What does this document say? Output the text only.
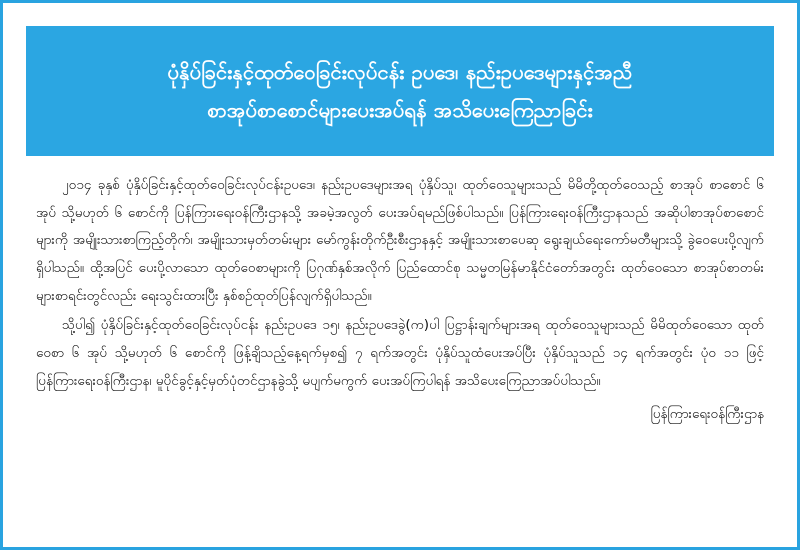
ပုံနှိပ်ခြင်းနှင့်ထုတ်ဝေခြင်းလုပ်ငန်း ဥပဒေ၊ နည်းဥပဒေများနှင့်အညီ
စာအုပ်စာစောင်များပေးအပ်ရန် အသိပေးကြေညာခြင်း

၂၀၁၄ ခုနှစ် ပုံနှိပ်ခြင်းနှင့်ထုတ်ဝေခြင်းလုပ်ငန်းဥပဒေ၊ နည်းဥပဒေများအရ ပုံနှိပ်သူ၊ ထုတ်ဝေသူများသည် မိမိတို့ထုတ်ဝေသည့် စာအုပ် စာစောင် ၆ အုပ် သို့မဟုတ် ၆ စောင်ကို ပြန်ကြားရေးဝန်ကြီးဌာနသို့ အခမဲ့အလွတ် ပေးအပ်ရမည်ဖြစ်ပါသည်။ ပြန်ကြားရေးဝန်ကြီးဌာနသည် အဆိုပါစာအုပ်စာစောင်များကို အမျိုးသားစာကြည့်တိုက်၊ အမျိုးသားမှတ်တမ်းများ မော်ကွန်းတိုက်ဦးစီးဌာနနှင့် အမျိုးသားစာပေဆု ရွေးချယ်ရေးကော်မတီများသို့ ခွဲဝေပေးပို့လျက်ရှိပါသည်။ ထို့အပြင် ပေးပို့လာသော ထုတ်ဝေစာများကို ပြဂုဏ်နှစ်အလိုက် ပြည်ထောင်စု သမ္မတမြန်မာနိုင်ငံတော်အတွင်း ထုတ်ဝေသော စာအုပ်စာတမ်းများစာရင်းတွင်လည်း ရေးသွင်းထားပြီး နှစ်စဉ်ထုတ်ပြန်လျက်ရှိပါသည်။

သို့ပါ၍ ပုံနှိပ်ခြင်းနှင့်ထုတ်ဝေခြင်းလုပ်ငန်း နည်းဥပဒေ ၁၅၊ နည်းဥပဒေခွဲ(က)ပါ ပြဋ္ဌာန်းချက်များအရ ထုတ်ဝေသူများသည် မိမိထုတ်ဝေသော ထုတ်ဝေစာ ၆ အုပ် သို့မဟုတ် ၆ စောင်ကို ဖြန့်ချိသည့်နေ့ရက်မှစ၍ ၇ ရက်အတွင်း ပုံနှိပ်သူထံပေးအပ်ပြီး ပုံနှိပ်သူသည် ၁၄ ရက်အတွင်း ပုံဝ ၁၁ ဖြင့် ပြန်ကြားရေးဝန်ကြီးဌာန၊ မူပိုင်ခွင့်နှင့်မှတ်ပုံတင်ဌာနခွဲသို့ မပျက်မကွက် ပေးအပ်ကြပါရန် အသိပေးကြေညာအပ်ပါသည်။

ပြန်ကြားရေးဝန်ကြီးဌာန
